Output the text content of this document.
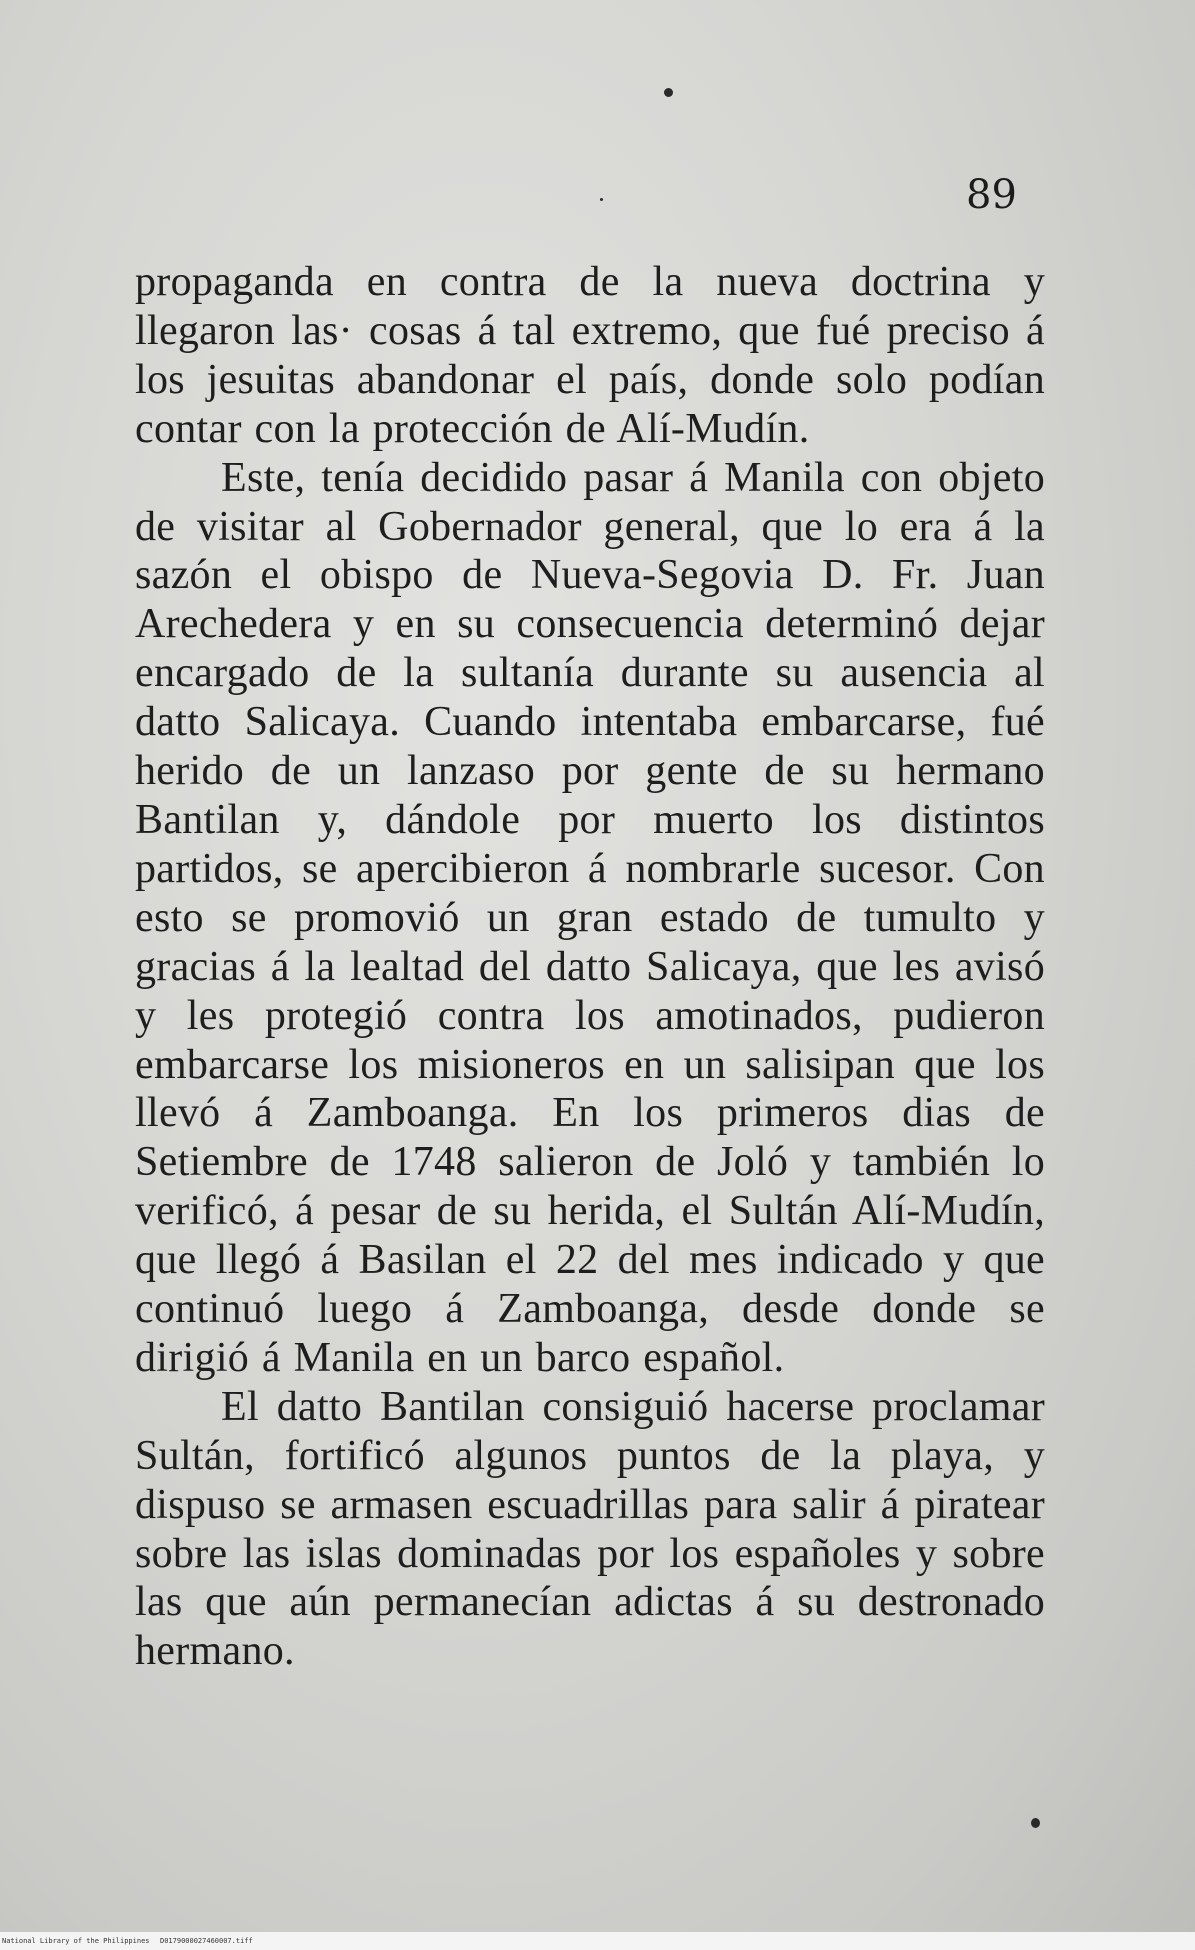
89

propaganda en contra de la nueva doctrina y llegaron las· cosas á tal extremo, que fué preciso á los jesuitas abandonar el país, donde solo podían contar con la protección de Alí-Mudín.

Este, tenía decidido pasar á Manila con objeto de visitar al Gobernador general, que lo era á la sazón el obispo de Nueva-Segovia D. Fr. Juan Arechedera y en su consecuencia determinó dejar encargado de la sultanía durante su ausencia al datto Salicaya. Cuando intentaba embarcarse, fué herido de un lanzaso por gente de su hermano Bantilan y, dándole por muerto los distintos partidos, se apercibieron á nombrarle sucesor. Con esto se promovió un gran estado de tumulto y gracias á la lealtad del datto Salicaya, que les avisó y les protegió contra los amotinados, pudieron embarcarse los misioneros en un salisipan que los llevó á Zamboanga. En los primeros dias de Setiembre de 1748 salieron de Joló y también lo verificó, á pesar de su herida, el Sultán Alí-Mudín, que llegó á Basilan el 22 del mes indicado y que continuó luego á Zamboanga, desde donde se dirigió á Manila en un barco español.

El datto Bantilan consiguió hacerse proclamar Sultán, fortificó algunos puntos de la playa, y dispuso se armasen escuadrillas para salir á piratear sobre las islas dominadas por los españoles y sobre las que aún permanecían adictas á su destronado hermano.

National Library of the Philippines D0179000027460007.tiff
